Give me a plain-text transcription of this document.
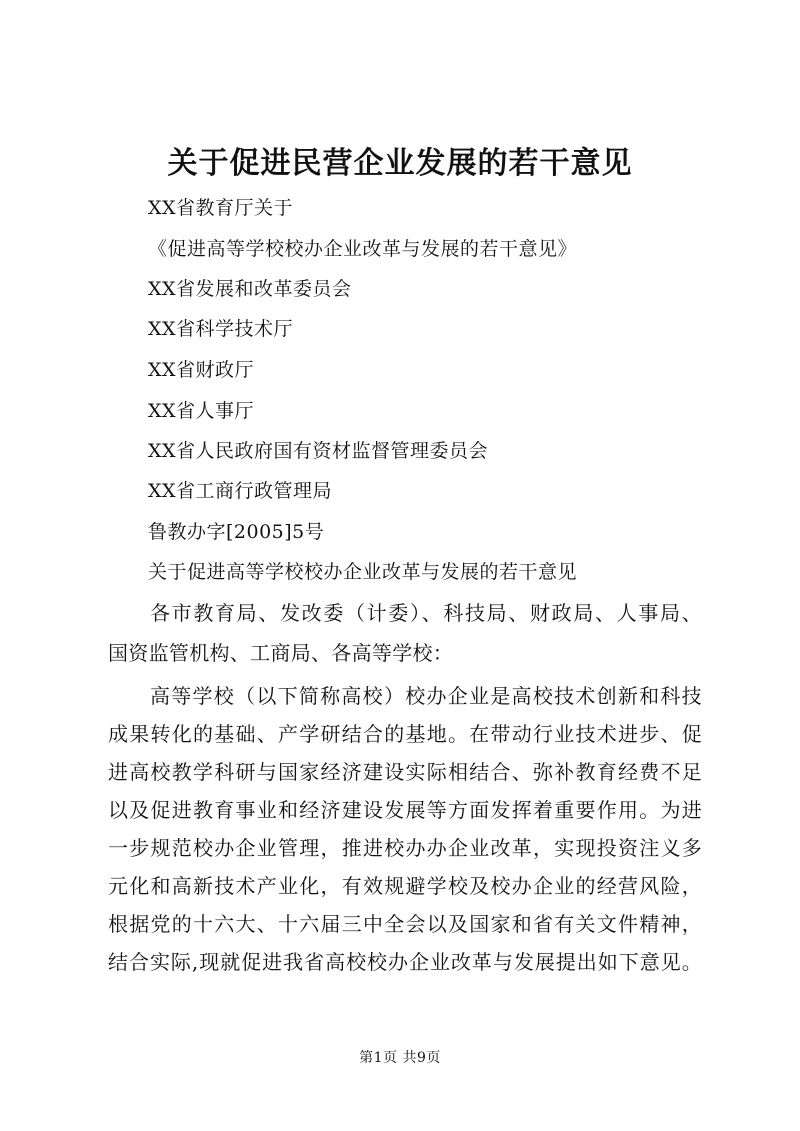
关于促进民营企业发展的若干意见
XX省教育厅关于
《促进高等学校校办企业改革与发展的若干意见》
XX省发展和改革委员会
XX省科学技术厅
XX省财政厅
XX省人事厅
XX省人民政府国有资材监督管理委员会
XX省工商行政管理局
鲁教办字[2005]5号
关于促进高等学校校办企业改革与发展的若干意见
各市教育局、发改委（计委）、科技局、财政局、人事局、
国资监管机构、工商局、各高等学校：
高等学校（以下简称高校）校办企业是高校技术创新和科技
成果转化的基础、产学研结合的基地。在带动行业技术进步、促
进高校教学科研与国家经济建设实际相结合、弥补教育经费不足
以及促进教育事业和经济建设发展等方面发挥着重要作用。为进
一步规范校办企业管理，推进校办办企业改革，实现投资注义多
元化和高新技术产业化，有效规避学校及校办企业的经营风险，
根据党的十六大、十六届三中全会以及国家和省有关文件精神，
结合实际,现就促进我省高校校办企业改革与发展提出如下意见。
第1页 共9页
